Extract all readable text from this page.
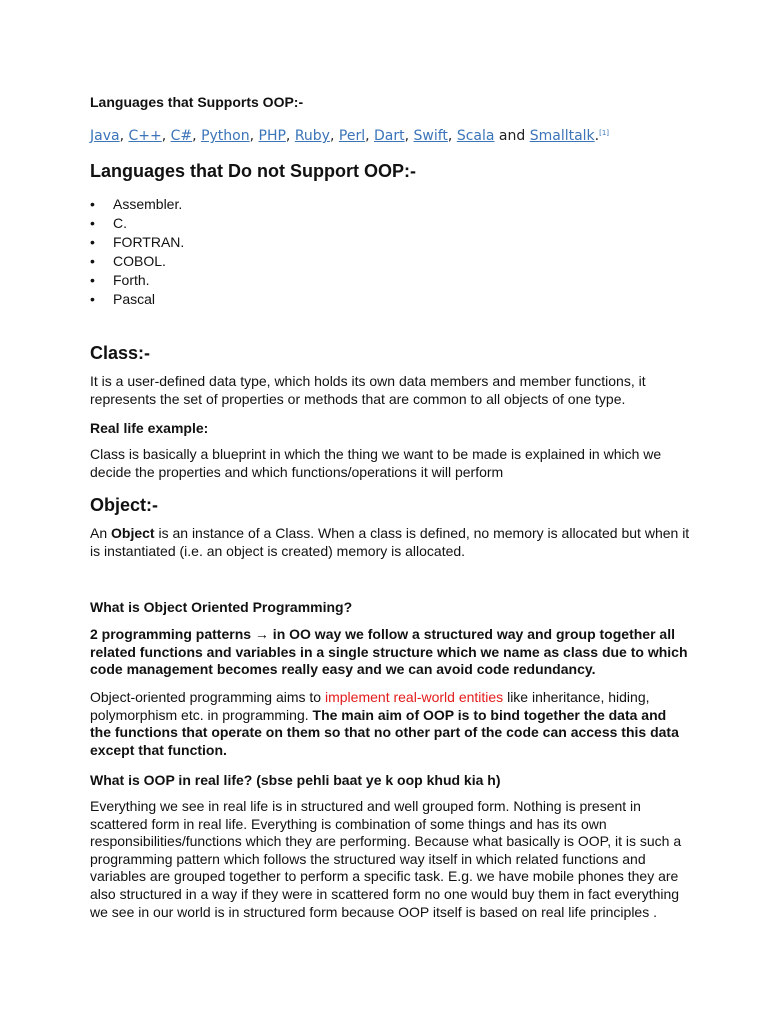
Languages that Supports OOP:-
Java, C++, C#, Python, PHP, Ruby, Perl, Dart, Swift, Scala and Smalltalk.[1]
Languages that Do not Support OOP:-
• Assembler.
• C.
• FORTRAN.
• COBOL.
• Forth.
• Pascal
Class:-

It is a user-defined data type, which holds its own data members and member functions, it represents the set of properties or methods that are common to all objects of one type.

Real life example:

Class is basically a blueprint in which the thing we want to be made is explained in which we decide the properties and which functions/operations it will perform

Object:-

An Object is an instance of a Class. When a class is defined, no memory is allocated but when it is instantiated (i.e. an object is created) memory is allocated.

What is Object Oriented Programming?

2 programming patterns → in OO way we follow a structured way and group together all related functions and variables in a single structure which we name as class due to which code management becomes really easy and we can avoid code redundancy.

Object-oriented programming aims to implement real-world entities like inheritance, hiding, polymorphism etc. in programming. The main aim of OOP is to bind together the data and the functions that operate on them so that no other part of the code can access this data except that function.

What is OOP in real life? (sbse pehli baat ye k oop khud kia h)

Everything we see in real life is in structured and well grouped form. Nothing is present in scattered form in real life. Everything is combination of some things and has its own responsibilities/functions which they are performing. Because what basically is OOP, it is such a programming pattern which follows the structured way itself in which related functions and variables are grouped together to perform a specific task. E.g. we have mobile phones they are also structured in a way if they were in scattered form no one would buy them in fact everything we see in our world is in structured form because OOP itself is based on real life principles .
